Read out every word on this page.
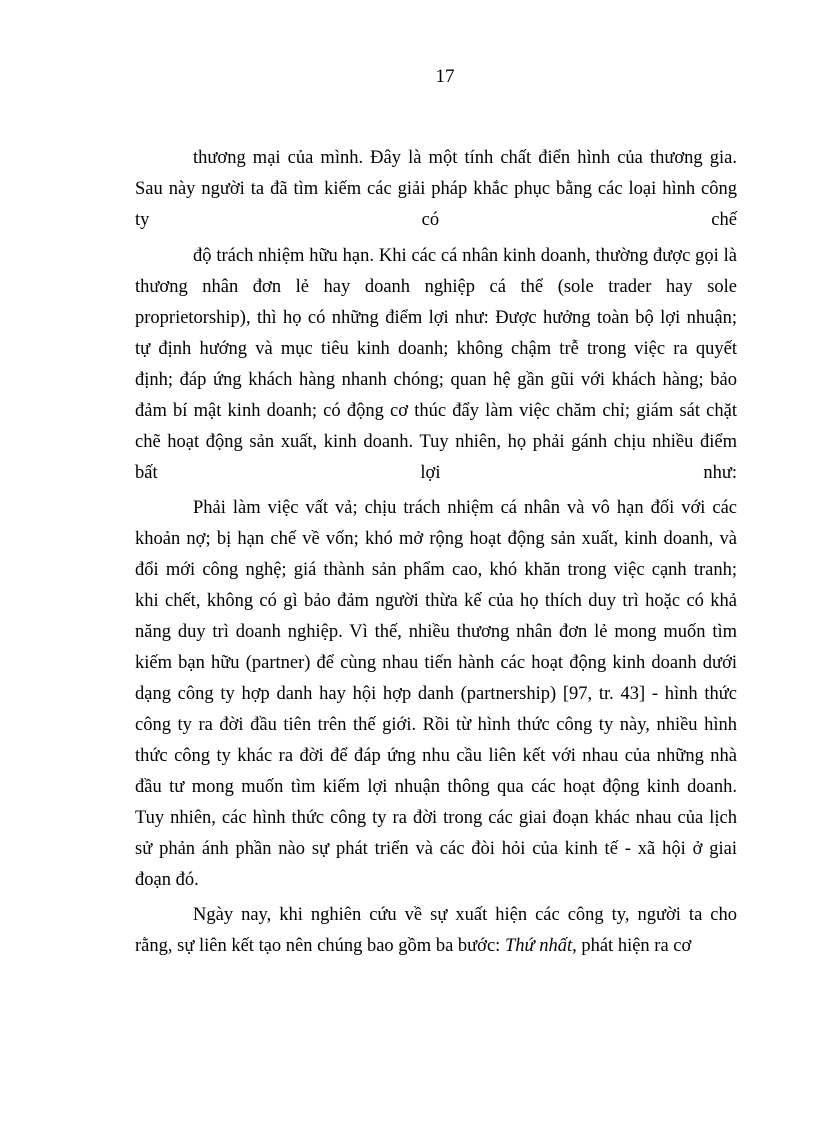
17
thương mại của mình. Đây là một tính chất điển hình của thương gia.
Sau này người ta đã tìm kiếm các giải pháp khắc phục bằng các loại hình công
ty	có	chế
độ trách nhiệm hữu hạn. Khi các cá nhân kinh doanh, thường được gọi là
thương nhân đơn lẻ hay doanh nghiệp cá thể (sole trader hay sole
proprietorship), thì họ có những điểm lợi như: Được hưởng toàn bộ lợi nhuận;
tự định hướng và mục tiêu kinh doanh; không chậm trễ trong việc ra quyết
định; đáp ứng khách hàng nhanh chóng; quan hệ gần gũi với khách hàng; bảo
đảm bí mật kinh doanh; có động cơ thúc đẩy làm việc chăm chỉ; giám sát chặt
chẽ hoạt động sản xuất, kinh doanh. Tuy nhiên, họ phải gánh chịu nhiều điểm
bất	lợi	như:
Phải làm việc vất vả; chịu trách nhiệm cá nhân và vô hạn đối với các
khoản nợ; bị hạn chế về vốn; khó mở rộng hoạt động sản xuất, kinh doanh, và
đổi mới công nghệ; giá thành sản phẩm cao, khó khăn trong việc cạnh tranh;
khi chết, không có gì bảo đảm người thừa kế của họ thích duy trì hoặc có khả
năng duy trì doanh nghiệp. Vì thế, nhiều thương nhân đơn lẻ mong muốn tìm
kiếm bạn hữu (partner) để cùng nhau tiến hành các hoạt động kinh doanh dưới
dạng công ty hợp danh hay hội hợp danh (partnership) [97, tr. 43] - hình thức
công ty ra đời đầu tiên trên thế giới. Rồi từ hình thức công ty này, nhiều hình
thức công ty khác ra đời để đáp ứng nhu cầu liên kết với nhau của những nhà
đầu tư mong muốn tìm kiếm lợi nhuận thông qua các hoạt động kinh doanh.
Tuy nhiên, các hình thức công ty ra đời trong các giai đoạn khác nhau của lịch
sử phản ánh phần nào sự phát triển và các đòi hỏi của kinh tế - xã hội ở giai
đoạn đó.
Ngày nay, khi nghiên cứu về sự xuất hiện các công ty, người ta cho
rằng, sự liên kết tạo nên chúng bao gồm ba bước: Thứ nhất, phát hiện ra cơ
